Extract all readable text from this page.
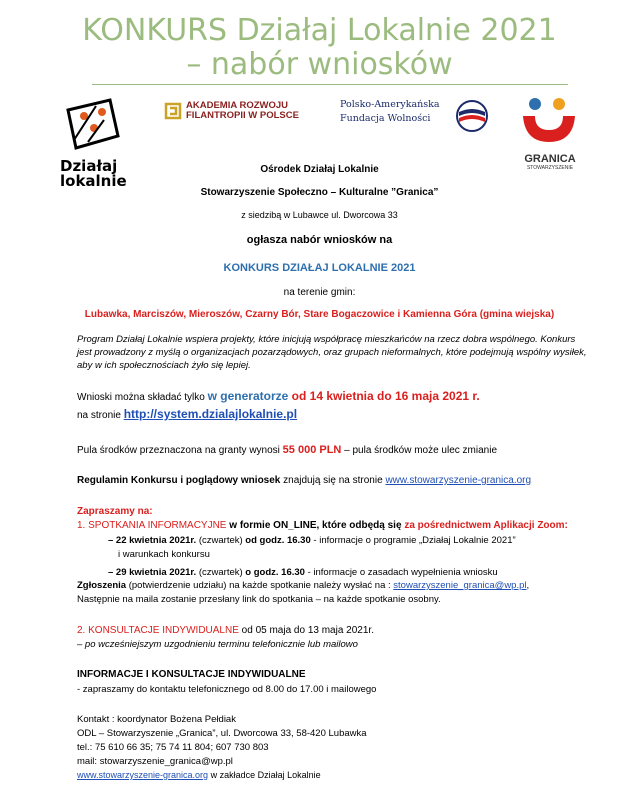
KONKURS Działaj Lokalnie 2021
– nabór wniosków
Działaj
lokalnie
AKADEMIA ROZWOJU
FILANTROPII W POLSCE
Polsko-Amerykańska
Fundacja Wolności
GRANICA
STOWARZYSZENIE
Ośrodek Działaj Lokalnie
Stowarzyszenie Społeczno – Kulturalne ”Granica”
z siedzibą w Lubawce ul. Dworcowa 33
ogłasza nabór wniosków na
KONKURS DZIAŁAJ LOKALNIE 2021
na terenie gmin:
Lubawka, Marciszów, Mieroszów, Czarny Bór, Stare Bogaczowice i Kamienna Góra (gmina wiejska)
Program Działaj Lokalnie wspiera projekty, które inicjują współpracę mieszkańców na rzecz dobra wspólnego. Konkurs jest prowadzony z myślą o organizacjach pozarządowych, oraz grupach nieformalnych, które podejmują wspólny wysiłek, aby w ich społecznościach żyło się lepiej.
Wnioski można składać tylko w generatorze od 14 kwietnia do 16 maja 2021 r.
na stronie http://system.dzialajlokalnie.pl
Pula środków przeznaczona na granty wynosi 55 000 PLN – pula środków może ulec zmianie
Regulamin Konkursu i poglądowy wniosek znajdują się na stronie www.stowarzyszenie-granica.org
Zapraszamy na:
1. SPOTKANIA INFORMACYJNE w formie ON_LINE, które odbędą się za pośrednictwem Aplikacji Zoom:
– 22 kwietnia 2021r. (czwartek) od godz. 16.30 - informacje o programie „Działaj Lokalnie 2021”
i warunkach konkursu
– 29 kwietnia 2021r. (czwartek) o godz. 16.30 - informacje o zasadach wypełnienia wniosku
Zgłoszenia (potwierdzenie udziału) na każde spotkanie należy wysłać na : stowarzyszenie_granica@wp.pl,
Następnie na maila zostanie przesłany link do spotkania – na każde spotkanie osobny.
2. KONSULTACJE INDYWIDUALNE od 05 maja do 13 maja 2021r.
– po wcześniejszym uzgodnieniu terminu telefonicznie lub mailowo
INFORMACJE I KONSULTACJE INDYWIDUALNE
- zapraszamy do kontaktu telefonicznego od 8.00 do 17.00 i mailowego
Kontakt : koordynator Bożena Pełdiak
ODL – Stowarzyszenie „Granica”, ul. Dworcowa 33, 58-420 Lubawka
tel.: 75 610 66 35; 75 74 11 804; 607 730 803
mail: stowarzyszenie_granica@wp.pl
www.stowarzyszenie-granica.org w zakładce Działaj Lokalnie
